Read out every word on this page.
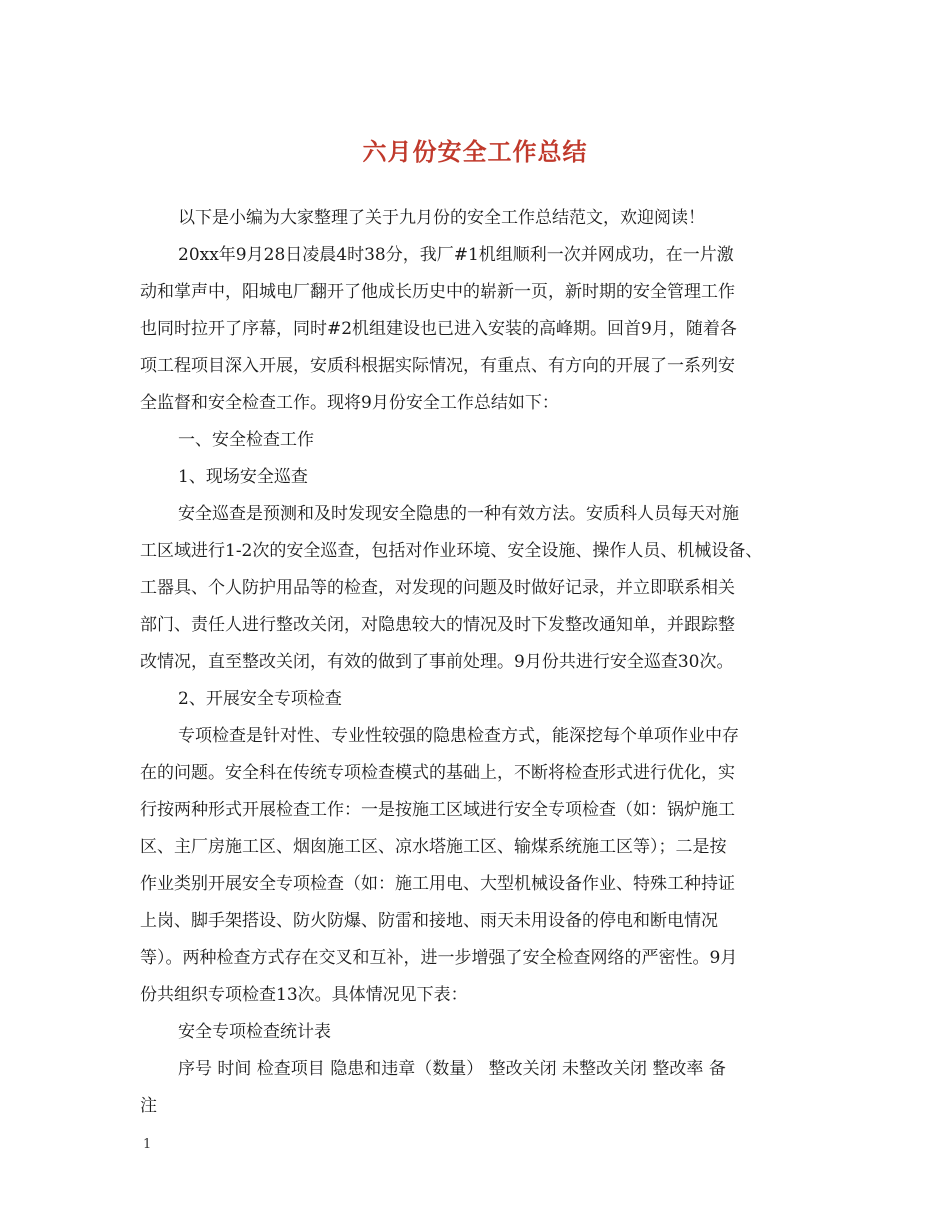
六月份安全工作总结
以下是小编为大家整理了关于九月份的安全工作总结范文，欢迎阅读！
20xx年9月28日凌晨4时38分，我厂#1机组顺利一次并网成功，在一片激
动和掌声中，阳城电厂翻开了他成长历史中的崭新一页，新时期的安全管理工作
也同时拉开了序幕，同时#2机组建设也已进入安装的高峰期。回首9月，随着各
项工程项目深入开展，安质科根据实际情况，有重点、有方向的开展了一系列安
全监督和安全检查工作。现将9月份安全工作总结如下：
一、安全检查工作
1、现场安全巡查
安全巡查是预测和及时发现安全隐患的一种有效方法。安质科人员每天对施
工区域进行1-2次的安全巡查，包括对作业环境、安全设施、操作人员、机械设备、
工器具、个人防护用品等的检查，对发现的问题及时做好记录，并立即联系相关
部门、责任人进行整改关闭，对隐患较大的情况及时下发整改通知单，并跟踪整
改情况，直至整改关闭，有效的做到了事前处理。9月份共进行安全巡查30次。
2、开展安全专项检查
专项检查是针对性、专业性较强的隐患检查方式，能深挖每个单项作业中存
在的问题。安全科在传统专项检查模式的基础上，不断将检查形式进行优化，实
行按两种形式开展检查工作：一是按施工区域进行安全专项检查（如：锅炉施工
区、主厂房施工区、烟囱施工区、凉水塔施工区、输煤系统施工区等）；二是按
作业类别开展安全专项检查（如：施工用电、大型机械设备作业、特殊工种持证
上岗、脚手架搭设、防火防爆、防雷和接地、雨天未用设备的停电和断电情况
等）。两种检查方式存在交叉和互补，进一步增强了安全检查网络的严密性。9月
份共组织专项检查13次。具体情况见下表：
安全专项检查统计表
序号 时间 检查项目 隐患和违章（数量） 整改关闭 未整改关闭 整改率 备
注
1
